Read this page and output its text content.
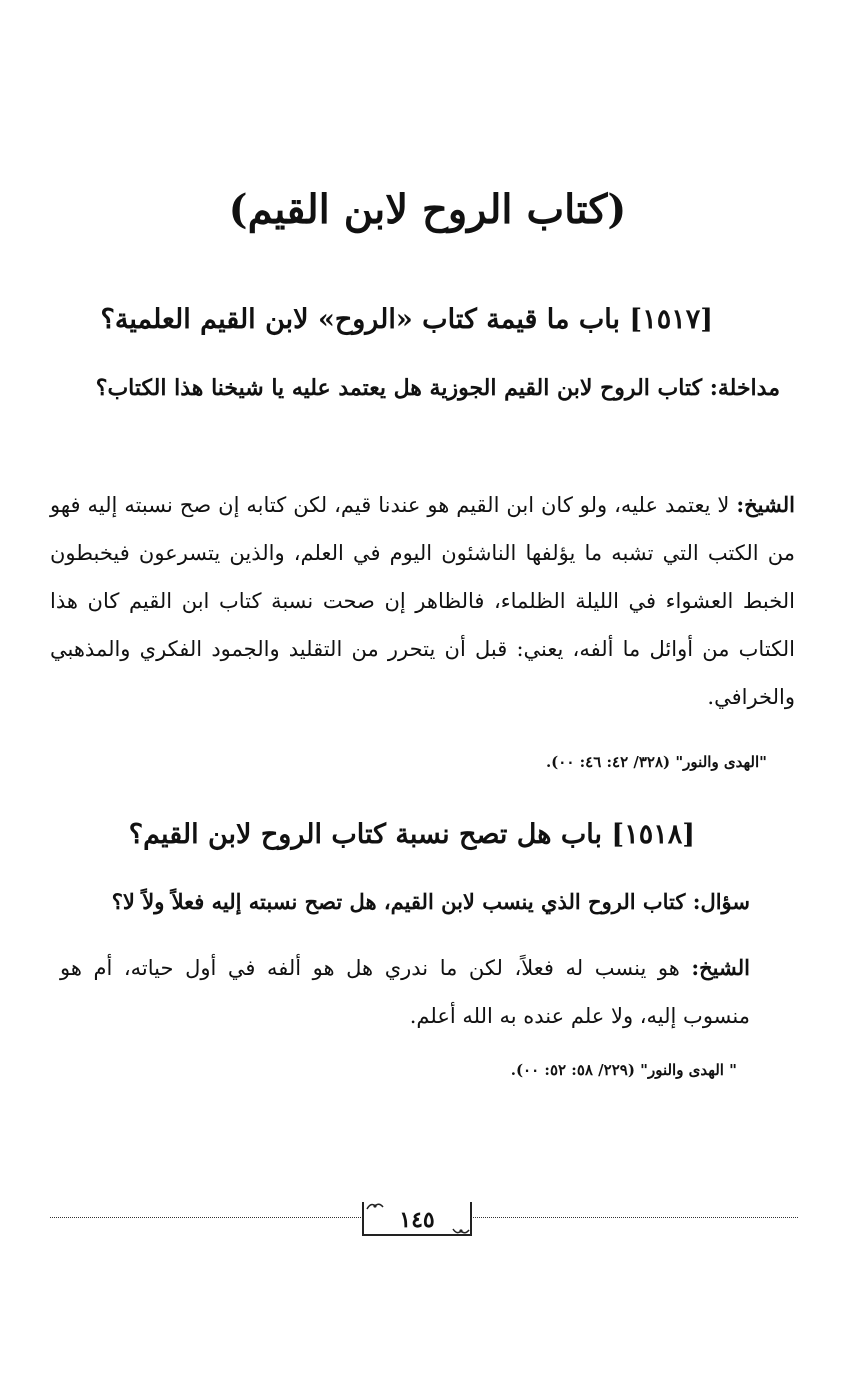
(كتاب الروح لابن القيم)
[١٥١٧] باب ما قيمة كتاب «الروح» لابن القيم العلمية؟
مداخلة: كتاب الروح لابن القيم الجوزية هل يعتمد عليه يا شيخنا هذا الكتاب؟
الشيخ: لا يعتمد عليه، ولو كان ابن القيم هو عندنا قيم، لكن كتابه إن صح نسبته إليه فهو من الكتب التي تشبه ما يؤلفها الناشئون اليوم في العلم، والذين يتسرعون فيخبطون الخبط العشواء في الليلة الظلماء، فالظاهر إن صحت نسبة كتاب ابن القيم كان هذا الكتاب من أوائل ما ألفه، يعني: قبل أن يتحرر من التقليد والجمود الفكري والمذهبي والخرافي.
"الهدى والنور" (٣٢٨/ ٤٢: ٤٦: ٠٠).
[١٥١٨] باب هل تصح نسبة كتاب الروح لابن القيم؟
سؤال: كتاب الروح الذي ينسب لابن القيم، هل تصح نسبته إليه فعلاً ولاً لا؟
الشيخ: هو ينسب له فعلاً، لكن ما ندري هل هو ألفه في أول حياته، أم هو منسوب إليه، ولا علم عنده به الله أعلم.
" الهدى والنور" (٢٢٩/ ٥٨: ٥٢: ٠٠).
١٤٥
